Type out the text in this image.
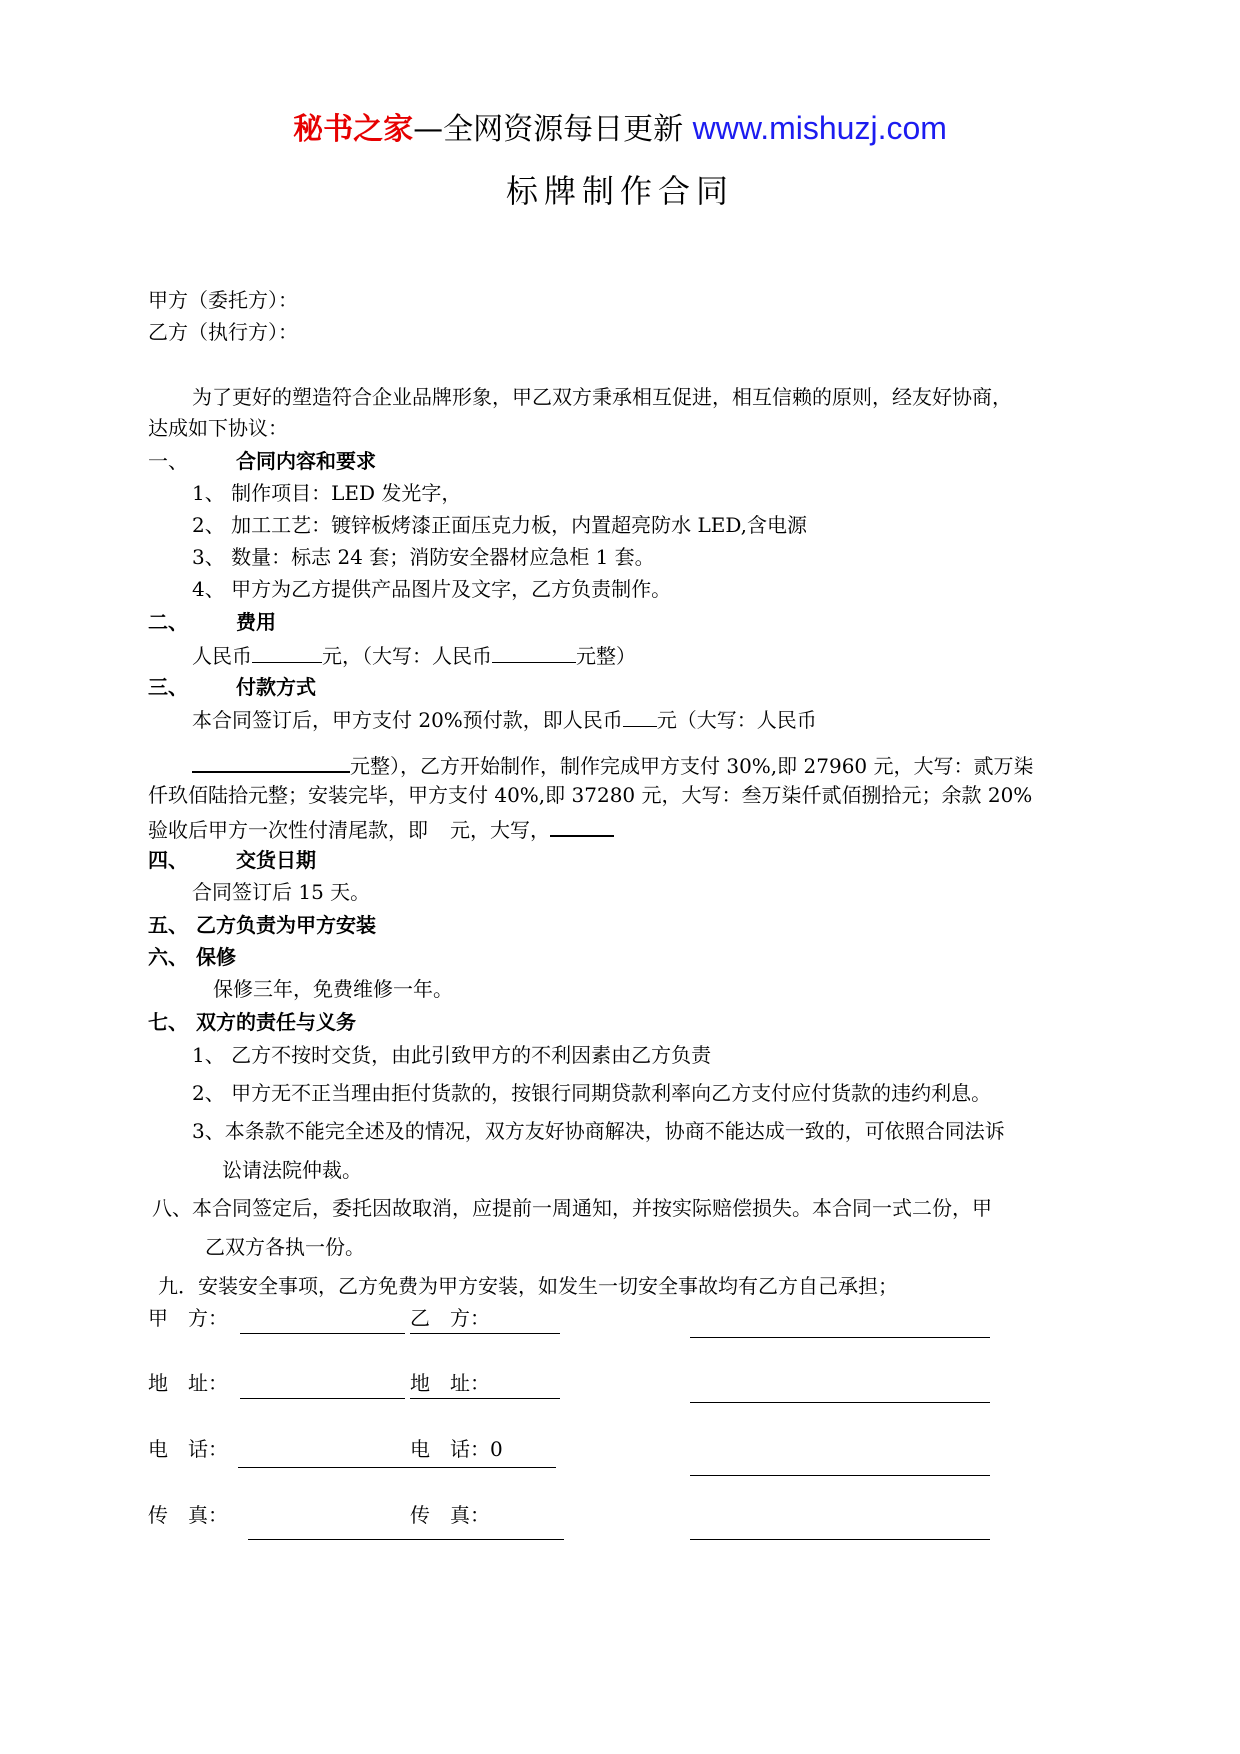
秘书之家—全网资源每日更新 www.mishuzj.com
标牌制作合同
甲方（委托方）：
乙方（执行方）：
为了更好的塑造符合企业品牌形象，甲乙双方秉承相互促进，相互信赖的原则，经友好协商，
达成如下协议：
一、 合同内容和要求
1、 制作项目：LED 发光字，
2、 加工工艺：镀锌板烤漆正面压克力板，内置超亮防水 LED,含电源
3、 数量：标志 24 套；消防安全器材应急柜 1 套。
4、 甲方为乙方提供产品图片及文字，乙方负责制作。
二、 费用
人民币	元，（大写：人民币	元整）
三、 付款方式
本合同签订后，甲方支付 20%预付款，即人民币 元（大写：人民币
元整），乙方开始制作，制作完成甲方支付 30%,即 27960 元，大写：贰万柒
仟玖佰陆拾元整；安装完毕，甲方支付 40%,即 37280 元，大写：叁万柒仟贰佰捌拾元；余款 20%
验收后甲方一次性付清尾款，即 元，大写，
四、 交货日期
合同签订后 15 天。
五、 乙方负责为甲方安装
六、 保修
保修三年，免费维修一年。
七、 双方的责任与义务
1、 乙方不按时交货，由此引致甲方的不利因素由乙方负责
2、 甲方无不正当理由拒付货款的，按银行同期贷款利率向乙方支付应付货款的违约利息。
3、本条款不能完全述及的情况，双方友好协商解决，协商不能达成一致的，可依照合同法诉
讼请法院仲裁。
八、本合同签定后，委托因故取消，应提前一周通知，并按实际赔偿损失。本合同一式二份，甲
乙双方各执一份。
九．安装安全事项，乙方免费为甲方安装，如发生一切安全事故均有乙方自己承担；
甲　方：	乙　方：
地　址：	地　址：
电　话：	电　话：0
传　真：	传　真：
